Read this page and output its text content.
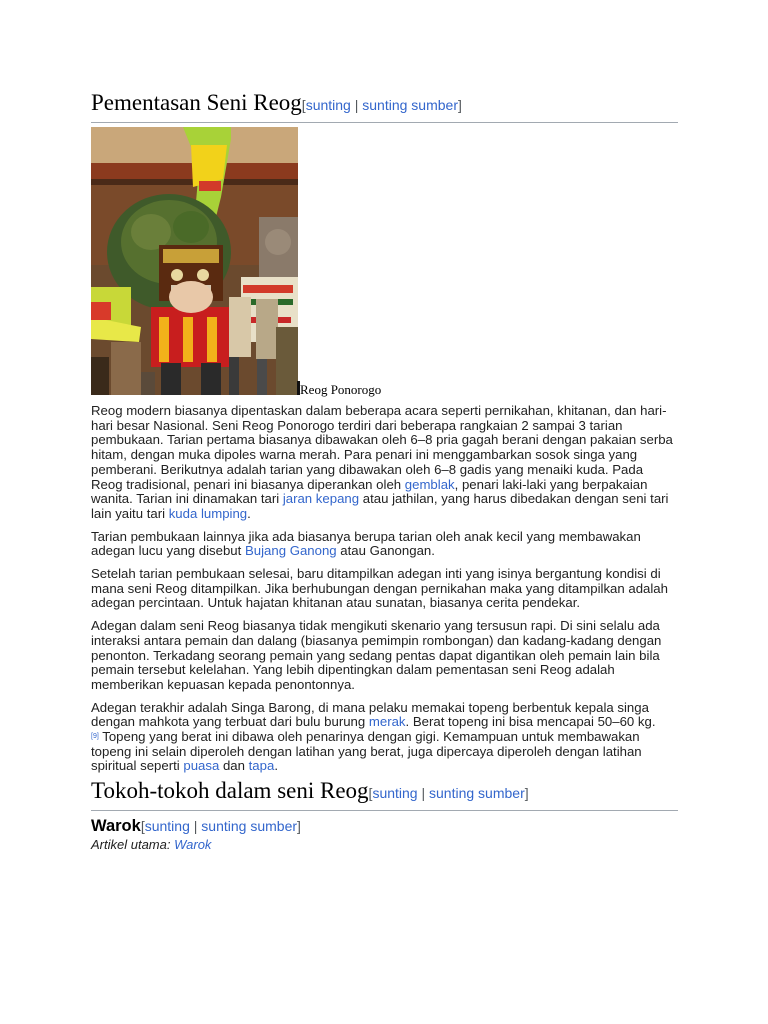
Pementasan Seni Reog[sunting | sunting sumber]
Reog Ponorogo

Reog modern biasanya dipentaskan dalam beberapa acara seperti pernikahan, khitanan, dan hari-hari besar Nasional. Seni Reog Ponorogo terdiri dari beberapa rangkaian 2 sampai 3 tarian pembukaan. Tarian pertama biasanya dibawakan oleh 6–8 pria gagah berani dengan pakaian serba hitam, dengan muka dipoles warna merah. Para penari ini menggambarkan sosok singa yang pemberani. Berikutnya adalah tarian yang dibawakan oleh 6–8 gadis yang menaiki kuda. Pada Reog tradisional, penari ini biasanya diperankan oleh gemblak, penari laki-laki yang berpakaian wanita. Tarian ini dinamakan tari jaran kepang atau jathilan, yang harus dibedakan dengan seni tari lain yaitu tari kuda lumping.

Tarian pembukaan lainnya jika ada biasanya berupa tarian oleh anak kecil yang membawakan adegan lucu yang disebut Bujang Ganong atau Ganongan.

Setelah tarian pembukaan selesai, baru ditampilkan adegan inti yang isinya bergantung kondisi di mana seni Reog ditampilkan. Jika berhubungan dengan pernikahan maka yang ditampilkan adalah adegan percintaan. Untuk hajatan khitanan atau sunatan, biasanya cerita pendekar.

Adegan dalam seni Reog biasanya tidak mengikuti skenario yang tersusun rapi. Di sini selalu ada interaksi antara pemain dan dalang (biasanya pemimpin rombongan) dan kadang-kadang dengan penonton. Terkadang seorang pemain yang sedang pentas dapat digantikan oleh pemain lain bila pemain tersebut kelelahan. Yang lebih dipentingkan dalam pementasan seni Reog adalah memberikan kepuasan kepada penontonnya.

Adegan terakhir adalah Singa Barong, di mana pelaku memakai topeng berbentuk kepala singa dengan mahkota yang terbuat dari bulu burung merak. Berat topeng ini bisa mencapai 50–60 kg.
[9] Topeng yang berat ini dibawa oleh penarinya dengan gigi. Kemampuan untuk membawakan topeng ini selain diperoleh dengan latihan yang berat, juga dipercaya diperoleh dengan latihan spiritual seperti puasa dan tapa.

Tokoh-tokoh dalam seni Reog[sunting | sunting sumber]
Warok[sunting | sunting sumber]
Artikel utama: Warok
